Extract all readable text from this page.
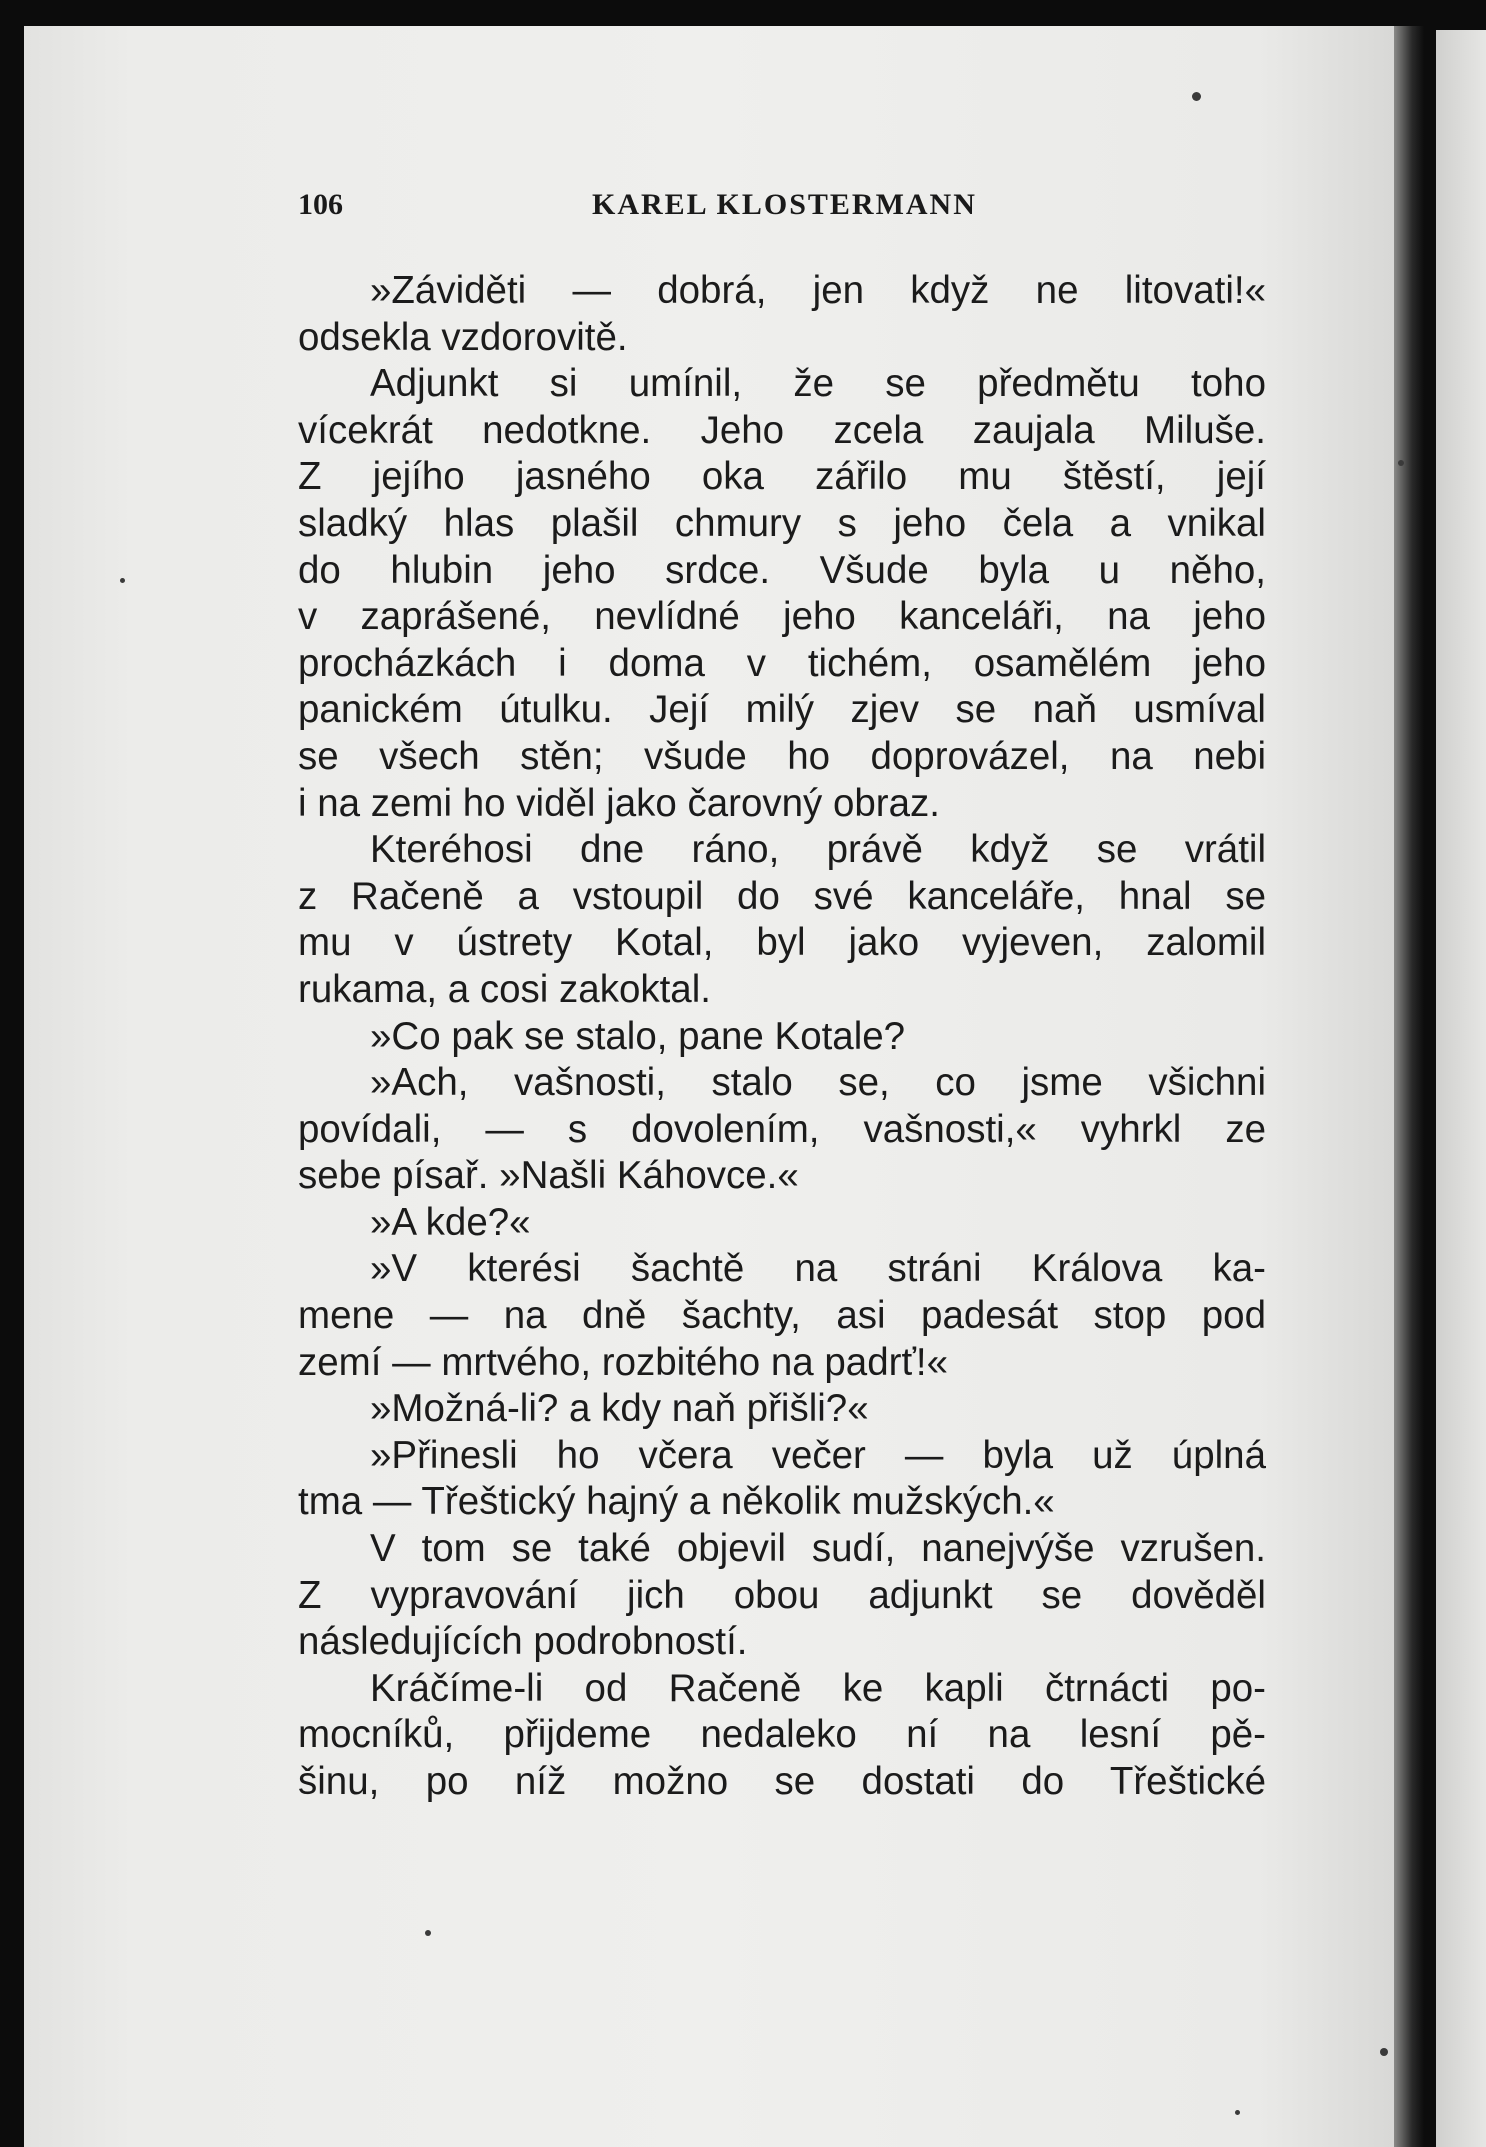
106	KAREL KLOSTERMANN
»Záviděti — dobrá, jen když ne litovati!«
odsekla vzdorovitě.
Adjunkt si umínil, že se předmětu toho
vícekrát nedotkne. Jeho zcela zaujala Miluše.
Z jejího jasného oka zářilo mu štěstí, její
sladký hlas plašil chmury s jeho čela a vnikal
do hlubin jeho srdce. Všude byla u něho,
v zaprášené, nevlídné jeho kanceláři, na jeho
procházkách i doma v tichém, osamělém jeho
panickém útulku. Její milý zjev se naň usmíval
se všech stěn; všude ho doprovázel, na nebi
i na zemi ho viděl jako čarovný obraz.
Kteréhosi dne ráno, právě když se vrátil
z Račeně a vstoupil do své kanceláře, hnal se
mu v ústrety Kotal, byl jako vyjeven, zalomil
rukama, a cosi zakoktal.
»Co pak se stalo, pane Kotale?
»Ach, vašnosti, stalo se, co jsme všichni
povídali, — s dovolením, vašnosti,« vyhrkl ze
sebe písař. »Našli Káhovce.«
»A kde?«
»V kterési šachtě na stráni Králova ka-
mene — na dně šachty, asi padesát stop pod
zemí — mrtvého, rozbitého na padrť!«
»Možná-li? a kdy naň přišli?«
»Přinesli ho včera večer — byla už úplná
tma — Třeštický hajný a několik mužských.«
V tom se také objevil sudí, nanejvýše vzrušen.
Z vypravování jich obou adjunkt se dověděl
následujících podrobností.
Kráčíme-li od Račeně ke kapli čtrnácti po-
mocníků, přijdeme nedaleko ní na lesní pě-
šinu, po níž možno se dostati do Třeštické
